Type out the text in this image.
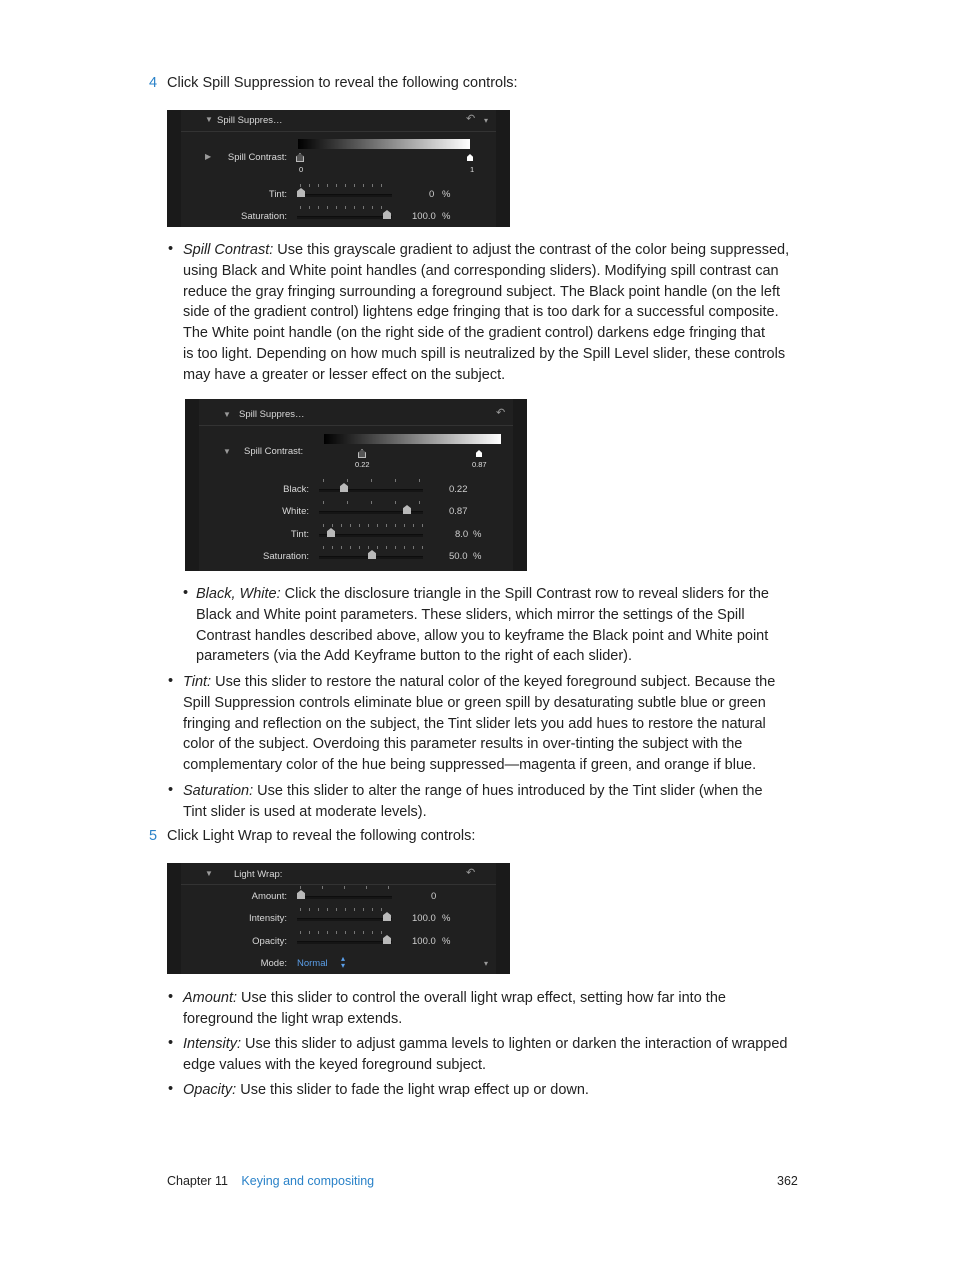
4 Click Spill Suppression to reveal the following controls:
▼ Spill Suppres…	↶ ▾
▶	Spill Contrast:
0	1
Tint:	0 %
Saturation:	100.0 %
• Spill Contrast: Use this grayscale gradient to adjust the contrast of the color being suppressed,
using Black and White point handles (and corresponding sliders). Modifying spill contrast can
reduce the gray fringing surrounding a foreground subject. The Black point handle (on the left
side of the gradient control) lightens edge fringing that is too dark for a successful composite.
The White point handle (on the right side of the gradient control) darkens edge fringing that
is too light. Depending on how much spill is neutralized by the Spill Level slider, these controls
may have a greater or lesser effect on the subject.
▼ Spill Suppres…	↶
▼ Spill Contrast:
0.22	0.87
Black:	0.22
White:	0.87
Tint:	8.0 %
Saturation:	50.0 %
• Black, White: Click the disclosure triangle in the Spill Contrast row to reveal sliders for the
Black and White point parameters. These sliders, which mirror the settings of the Spill
Contrast handles described above, allow you to keyframe the Black point and White point
parameters (via the Add Keyframe button to the right of each slider).
• Tint: Use this slider to restore the natural color of the keyed foreground subject. Because the
Spill Suppression controls eliminate blue or green spill by desaturating subtle blue or green
fringing and reflection on the subject, the Tint slider lets you add hues to restore the natural
color of the subject. Overdoing this parameter results in over-tinting the subject with the
complementary color of the hue being suppressed—magenta if green, and orange if blue.
• Saturation: Use this slider to alter the range of hues introduced by the Tint slider (when the
Tint slider is used at moderate levels).
5 Click Light Wrap to reveal the following controls:
▼ Light Wrap:	↶
Amount:	0
Intensity:	100.0 %
Opacity:	100.0 %
Mode: Normal ▴
▾	▾
• Amount: Use this slider to control the overall light wrap effect, setting how far into the
foreground the light wrap extends.
• Intensity: Use this slider to adjust gamma levels to lighten or darken the interaction of wrapped
edge values with the keyed foreground subject.
• Opacity: Use this slider to fade the light wrap effect up or down.
Chapter 11 Keying and compositing	362
